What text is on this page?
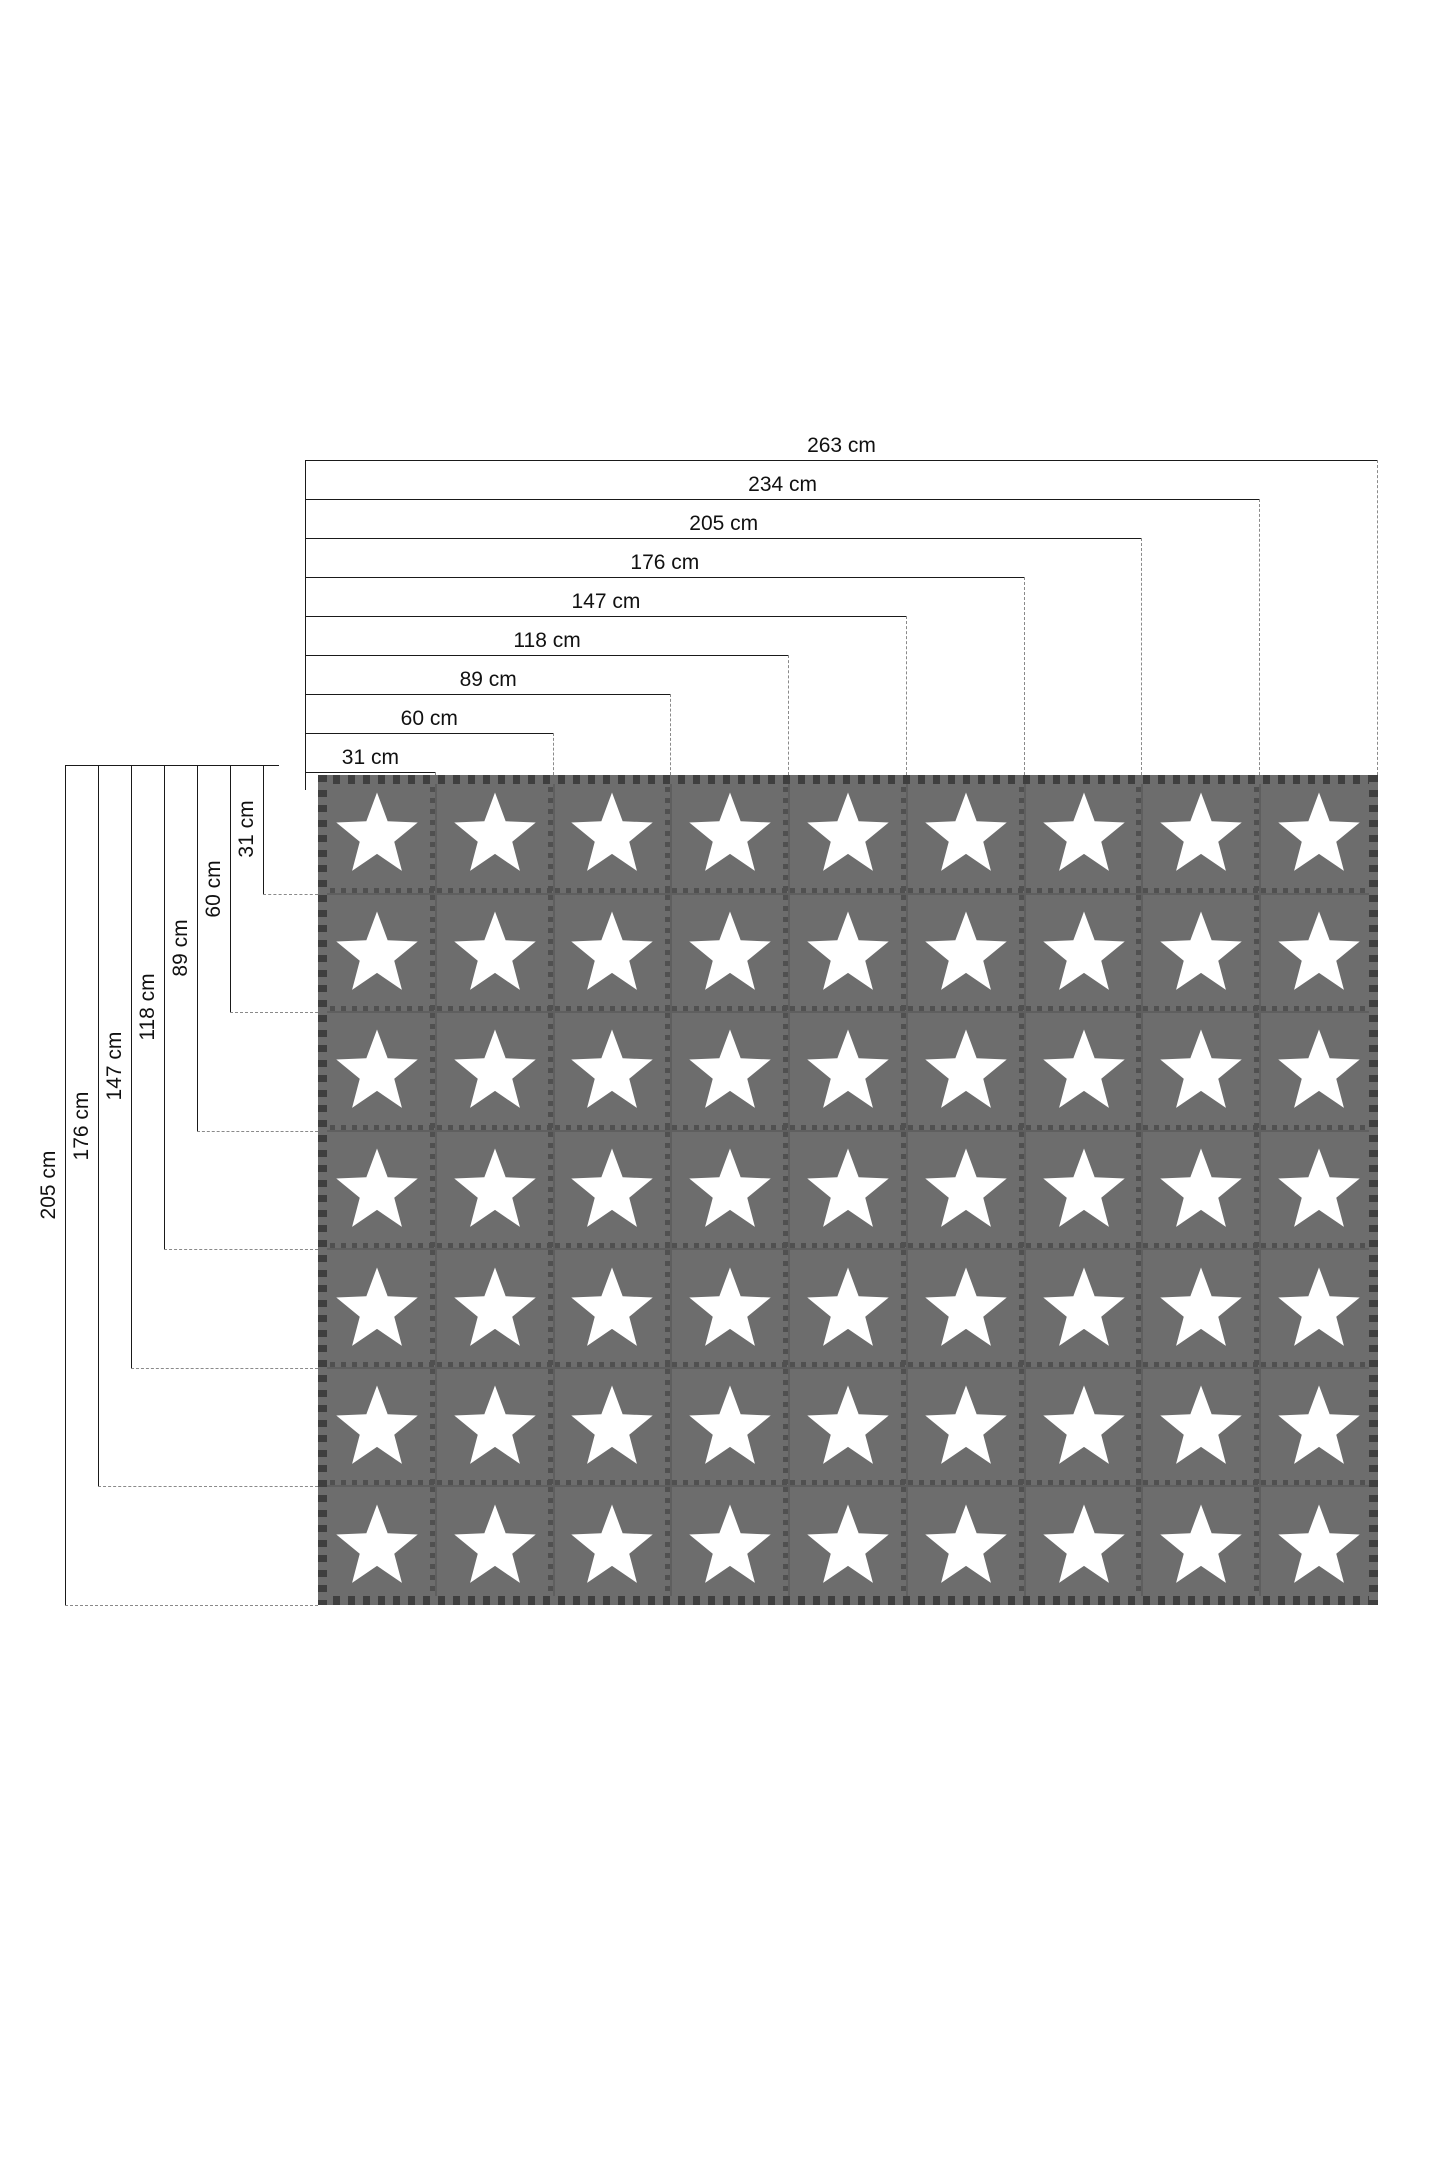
263 cm
234 cm
205 cm
176 cm
147 cm
118 cm
89 cm
60 cm
31 cm
205 cm
176 cm
147 cm
118 cm
89 cm
60 cm
31 cm
